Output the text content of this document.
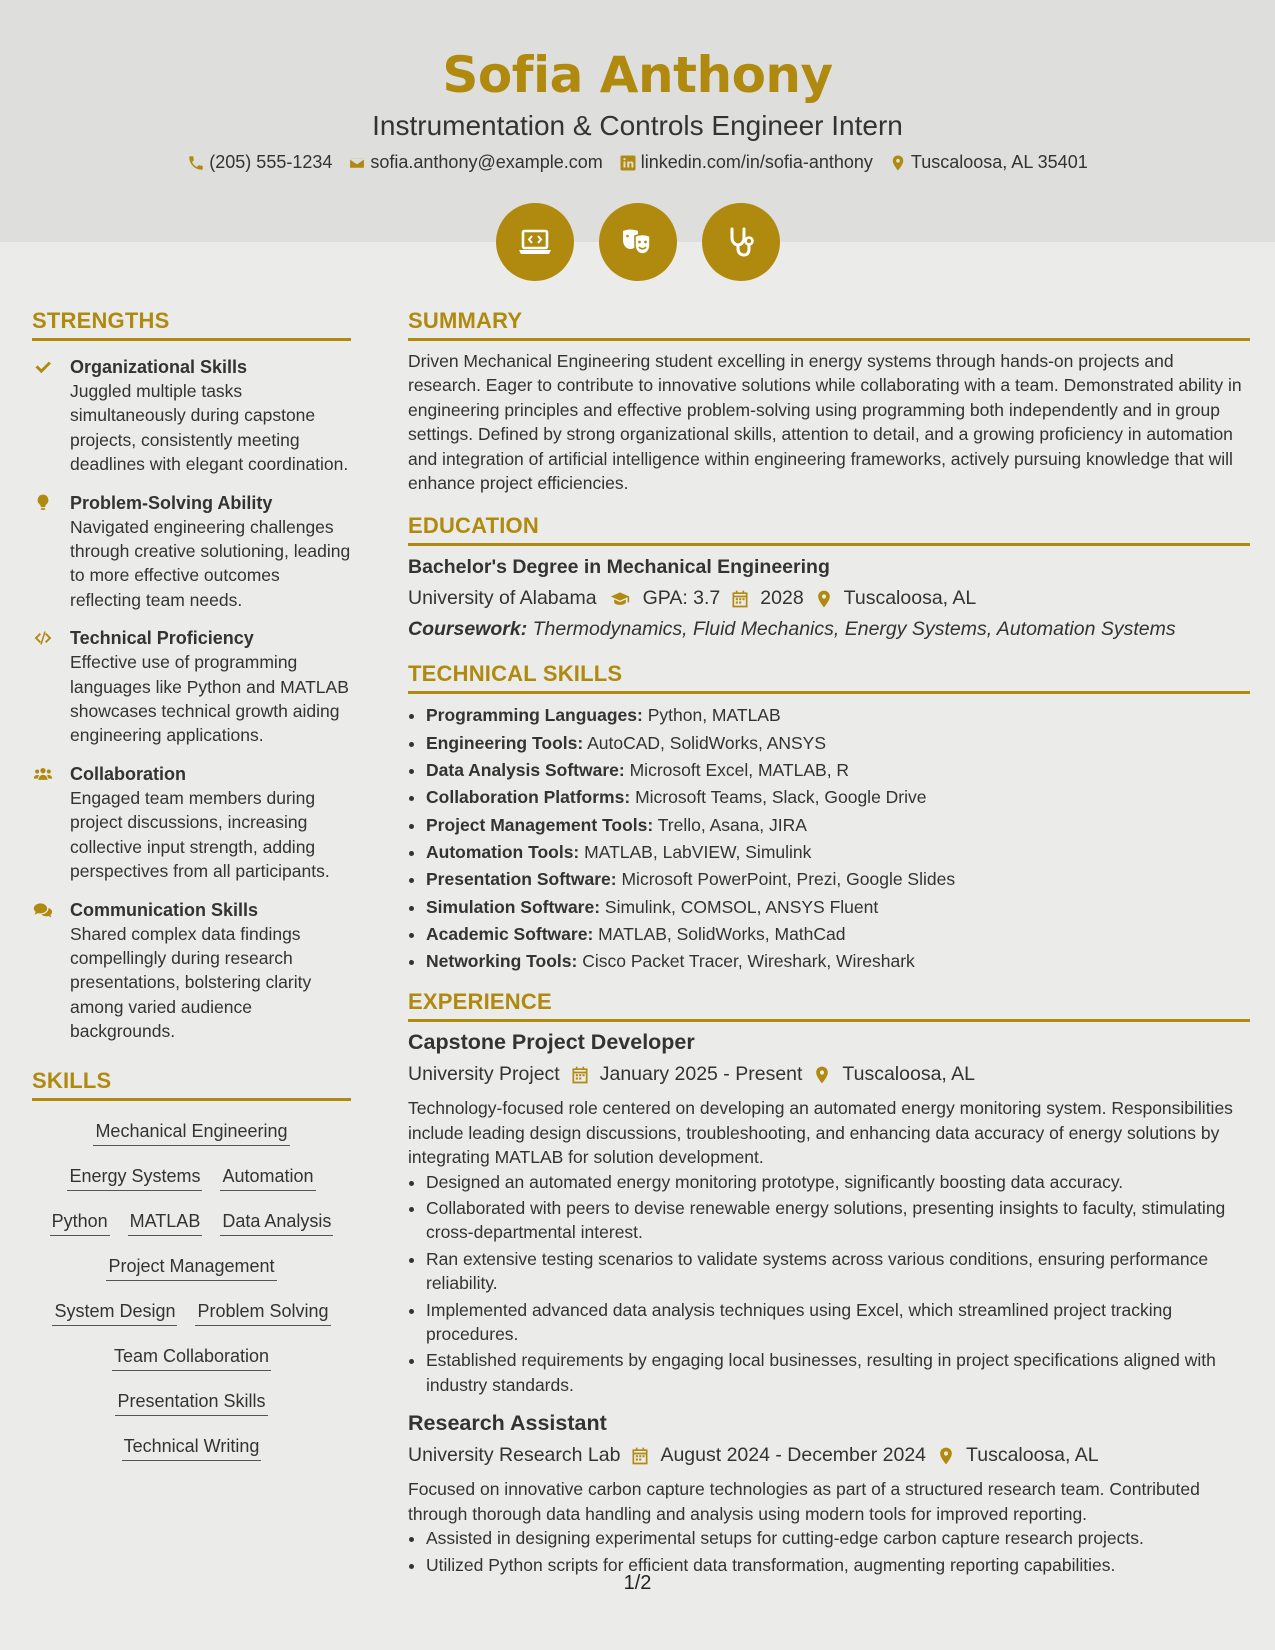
Sofia Anthony
Instrumentation & Controls Engineer Intern
(205) 555-1234 sofia.anthony@example.com linkedin.com/in/sofia-anthony Tuscaloosa, AL 35401
STRENGTHS
Organizational Skills
Juggled multiple tasks simultaneously during capstone projects, consistently meeting deadlines with elegant coordination.
Problem-Solving Ability
Navigated engineering challenges through creative solutioning, leading to more effective outcomes reflecting team needs.
Technical Proficiency
Effective use of programming languages like Python and MATLAB showcases technical growth aiding engineering applications.
Collaboration
Engaged team members during project discussions, increasing collective input strength, adding perspectives from all participants.
Communication Skills
Shared complex data findings compellingly during research presentations, bolstering clarity among varied audience backgrounds.
SKILLS
Mechanical Engineering
Energy Systems Automation
Python MATLAB Data Analysis
Project Management
System Design Problem Solving
Team Collaboration
Presentation Skills
Technical Writing
SUMMARY
Driven Mechanical Engineering student excelling in energy systems through hands-on projects and research. Eager to contribute to innovative solutions while collaborating with a team. Demonstrated ability in engineering principles and effective problem-solving using programming both independently and in group settings. Defined by strong organizational skills, attention to detail, and a growing proficiency in automation and integration of artificial intelligence within engineering frameworks, actively pursuing knowledge that will enhance project efficiencies.
EDUCATION
Bachelor's Degree in Mechanical Engineering
University of Alabama GPA: 3.7 2028 Tuscaloosa, AL
Coursework: Thermodynamics, Fluid Mechanics, Energy Systems, Automation Systems
TECHNICAL SKILLS
• Programming Languages: Python, MATLAB
• Engineering Tools: AutoCAD, SolidWorks, ANSYS
• Data Analysis Software: Microsoft Excel, MATLAB, R
• Collaboration Platforms: Microsoft Teams, Slack, Google Drive
• Project Management Tools: Trello, Asana, JIRA
• Automation Tools: MATLAB, LabVIEW, Simulink
• Presentation Software: Microsoft PowerPoint, Prezi, Google Slides
• Simulation Software: Simulink, COMSOL, ANSYS Fluent
• Academic Software: MATLAB, SolidWorks, MathCad
• Networking Tools: Cisco Packet Tracer, Wireshark, Wireshark
EXPERIENCE
Capstone Project Developer
University Project January 2025 - Present Tuscaloosa, AL
Technology-focused role centered on developing an automated energy monitoring system. Responsibilities include leading design discussions, troubleshooting, and enhancing data accuracy of energy solutions by integrating MATLAB for solution development.
• Designed an automated energy monitoring prototype, significantly boosting data accuracy.
• Collaborated with peers to devise renewable energy solutions, presenting insights to faculty, stimulating cross-departmental interest.
• Ran extensive testing scenarios to validate systems across various conditions, ensuring performance reliability.
• Implemented advanced data analysis techniques using Excel, which streamlined project tracking procedures.
• Established requirements by engaging local businesses, resulting in project specifications aligned with industry standards.
Research Assistant
University Research Lab August 2024 - December 2024 Tuscaloosa, AL
Focused on innovative carbon capture technologies as part of a structured research team. Contributed through thorough data handling and analysis using modern tools for improved reporting.
• Assisted in designing experimental setups for cutting-edge carbon capture research projects.
• Utilized Python scripts for efficient data transformation, augmenting reporting capabilities.
1/2
